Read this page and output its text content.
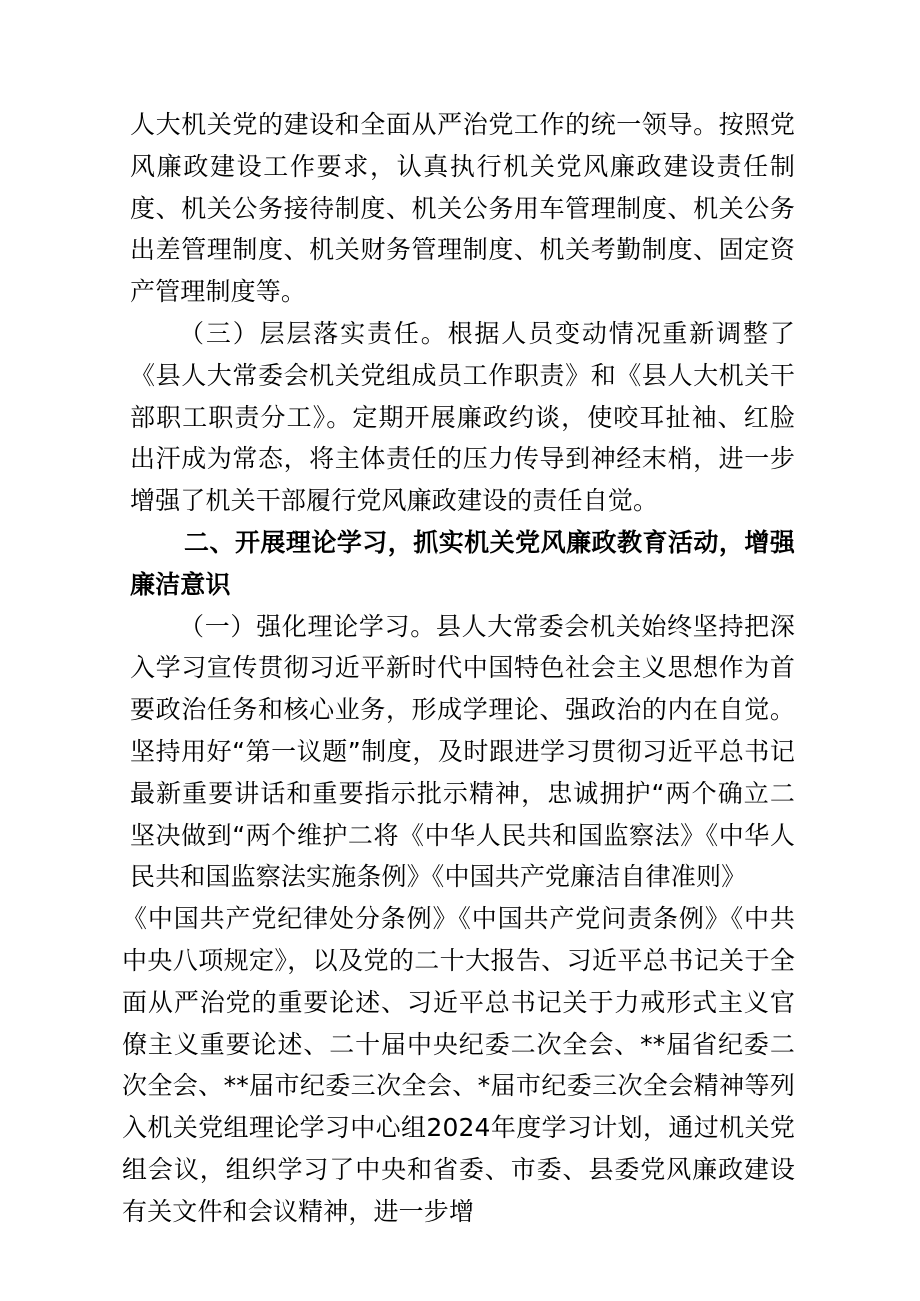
人大机关党的建设和全面从严治党工作的统一领导。按照党风廉政建设工作要求，认真执行机关党风廉政建设责任制度、机关公务接待制度、机关公务用车管理制度、机关公务出差管理制度、机关财务管理制度、机关考勤制度、固定资产管理制度等。

（三）层层落实责任。根据人员变动情况重新调整了《县人大常委会机关党组成员工作职责》和《县人大机关干部职工职责分工》。定期开展廉政约谈，使咬耳扯袖、红脸出汗成为常态，将主体责任的压力传导到神经末梢，进一步增强了机关干部履行党风廉政建设的责任自觉。

二、开展理论学习，抓实机关党风廉政教育活动，增强廉洁意识

（一）强化理论学习。县人大常委会机关始终坚持把深入学习宣传贯彻习近平新时代中国特色社会主义思想作为首要政治任务和核心业务，形成学理论、强政治的内在自觉。坚持用好“第一议题”制度，及时跟进学习贯彻习近平总书记最新重要讲话和重要指示批示精神，忠诚拥护“两个确立二坚决做到“两个维护二将《中华人民共和国监察法》《中华人民共和国监察法实施条例》《中国共产党廉洁自律准则》

《中国共产党纪律处分条例》《中国共产党问责条例》《中共中央八项规定》，以及党的二十大报告、习近平总书记关于全面从严治党的重要论述、习近平总书记关于力戒形式主义官僚主义重要论述、二十届中央纪委二次全会、**届省纪委二次全会、**届市纪委三次全会、*届市纪委三次全会精神等列入机关党组理论学习中心组2024年度学习计划，通过机关党组会议，组织学习了中央和省委、市委、县委党风廉政建设有关文件和会议精神，进一步增
